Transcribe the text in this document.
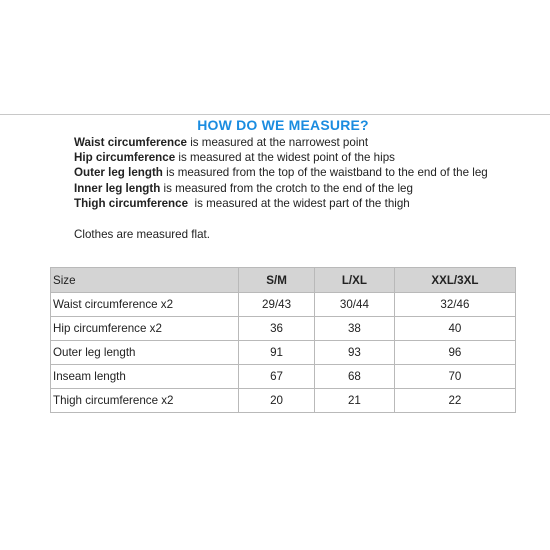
HOW DO WE MEASURE?
Waist circumference is measured at the narrowest point
Hip circumference is measured at the widest point of the hips
Outer leg length is measured from the top of the waistband to the end of the leg
Inner leg length is measured from the crotch to the end of the leg
Thigh circumference  is measured at the widest part of the thigh
Clothes are measured flat.
Size	S/M	L/XL	XXL/3XL
Waist circumference x2	29/43	30/44	32/46
Hip circumference x2	36	38	40
Outer leg length	91	93	96
Inseam length	67	68	70
Thigh circumference x2	20	21	22
